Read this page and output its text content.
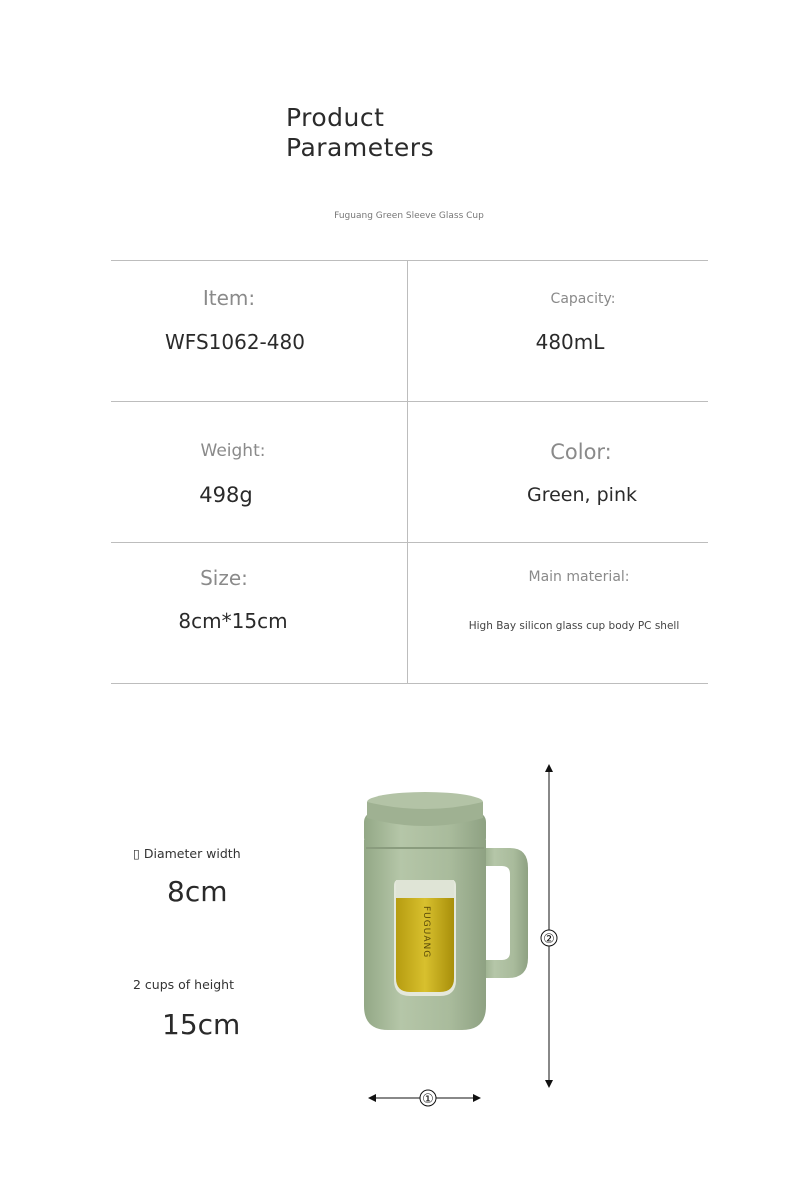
Product
Parameters
Fuguang Green Sleeve Glass Cup
Item:
WFS1062-480
Capacity:
480mL
Weight:
498g
Color:
Green, pink
Size:
8cm*15cm
Main material:
High Bay silicon glass cup body PC shell
▯ Diameter width
8cm
2 cups of height
15cm
FUGUANG	②
①
